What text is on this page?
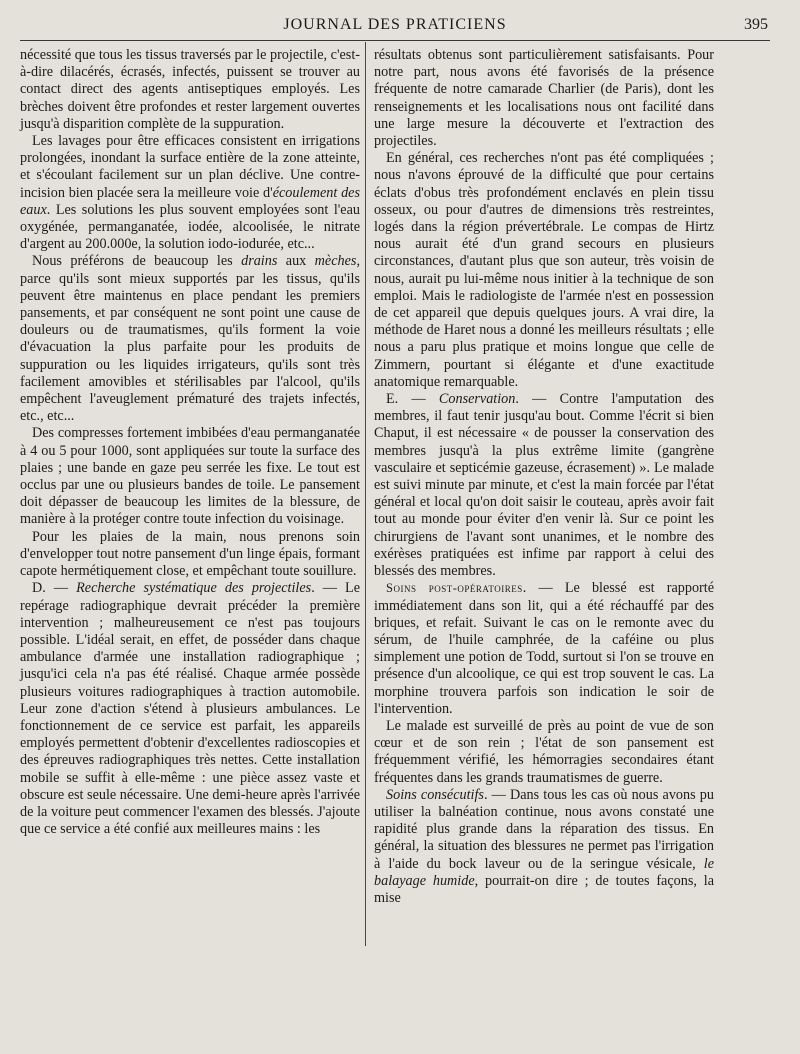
JOURNAL DES PRATICIENS	395

nécessité que tous les tissus traversés par le projectile, c'est-à-dire dilacérés, écrasés, infectés, puissent se trouver au contact direct des agents antiseptiques employés. Les brèches doivent être profondes et rester largement ouvertes jusqu'à disparition complète de la suppuration.

Les lavages pour être efficaces consistent en irrigations prolongées, inondant la surface entière de la zone atteinte, et s'écoulant facilement sur un plan déclive. Une contre-incision bien placée sera la meilleure voie d'écoulement des eaux. Les solutions les plus souvent employées sont l'eau oxygénée, permanganatée, iodée, alcoolisée, le nitrate d'argent au 200.000e, la solution iodo-iodurée, etc...

Nous préférons de beaucoup les drains aux mèches, parce qu'ils sont mieux supportés par les tissus, qu'ils peuvent être maintenus en place pendant les premiers pansements, et par conséquent ne sont point une cause de douleurs ou de traumatismes, qu'ils forment la voie d'évacuation la plus parfaite pour les produits de suppuration ou les liquides irrigateurs, qu'ils sont très facilement amovibles et stérilisables par l'alcool, qu'ils empêchent l'aveuglement prématuré des trajets infectés, etc., etc...

Des compresses fortement imbibées d'eau permanganatée à 4 ou 5 pour 1000, sont appliquées sur toute la surface des plaies ; une bande en gaze peu serrée les fixe. Le tout est occlus par une ou plusieurs bandes de toile. Le pansement doit dépasser de beaucoup les limites de la blessure, de manière à la protéger contre toute infection du voisinage.

Pour les plaies de la main, nous prenons soin d'envelopper tout notre pansement d'un linge épais, formant capote hermétiquement close, et empêchant toute souillure.

D. — Recherche systématique des projectiles. — Le repérage radiographique devrait précéder la première intervention ; malheureusement ce n'est pas toujours possible. L'idéal serait, en effet, de posséder dans chaque ambulance d'armée une installation radiographique ; jusqu'ici cela n'a pas été réalisé. Chaque armée possède plusieurs voitures radiographiques à traction automobile. Leur zone d'action s'étend à plusieurs ambulances. Le fonctionnement de ce service est parfait, les appareils employés permettent d'obtenir d'excellentes radioscopies et des épreuves radiographiques très nettes. Cette installation mobile se suffit à elle-même : une pièce assez vaste et obscure est seule nécessaire. Une demi-heure après l'arrivée de la voiture peut commencer l'examen des blessés. J'ajoute que ce service a été confié aux meilleures mains : les

résultats obtenus sont particulièrement satisfaisants. Pour notre part, nous avons été favorisés de la présence fréquente de notre camarade Charlier (de Paris), dont les renseignements et les localisations nous ont facilité dans une large mesure la découverte et l'extraction des projectiles.

En général, ces recherches n'ont pas été compliquées ; nous n'avons éprouvé de la difficulté que pour certains éclats d'obus très profondément enclavés en plein tissu osseux, ou pour d'autres de dimensions très restreintes, logés dans la région prévertébrale. Le compas de Hirtz nous aurait été d'un grand secours en plusieurs circonstances, d'autant plus que son auteur, très voisin de nous, aurait pu lui-même nous initier à la technique de son emploi. Mais le radiologiste de l'armée n'est en possession de cet appareil que depuis quelques jours. A vrai dire, la méthode de Haret nous a donné les meilleurs résultats ; elle nous a paru plus pratique et moins longue que celle de Zimmern, pourtant si élégante et d'une exactitude anatomique remarquable.

E. — Conservation. — Contre l'amputation des membres, il faut tenir jusqu'au bout. Comme l'écrit si bien Chaput, il est nécessaire « de pousser la conservation des membres jusqu'à la plus extrême limite (gangrène vasculaire et septicémie gazeuse, écrasement) ». Le malade est suivi minute par minute, et c'est la main forcée par l'état général et local qu'on doit saisir le couteau, après avoir fait tout au monde pour éviter d'en venir là. Sur ce point les chirurgiens de l'avant sont unanimes, et le nombre des exérèses pratiquées est infime par rapport à celui des blessés des membres.

Soins post-opératoires. — Le blessé est rapporté immédiatement dans son lit, qui a été réchauffé par des briques, et refait. Suivant le cas on le remonte avec du sérum, de l'huile camphrée, de la caféine ou plus simplement une potion de Todd, surtout si l'on se trouve en présence d'un alcoolique, ce qui est trop souvent le cas. La morphine trouvera parfois son indication le soir de l'intervention.

Le malade est surveillé de près au point de vue de son cœur et de son rein ; l'état de son pansement est fréquemment vérifié, les hémorragies secondaires étant fréquentes dans les grands traumatismes de guerre.

Soins consécutifs. — Dans tous les cas où nous avons pu utiliser la balnéation continue, nous avons constaté une rapidité plus grande dans la réparation des tissus. En général, la situation des blessures ne permet pas l'irrigation à l'aide du bock laveur ou de la seringue vésicale, le balayage humide, pourrait-on dire ; de toutes façons, la mise
